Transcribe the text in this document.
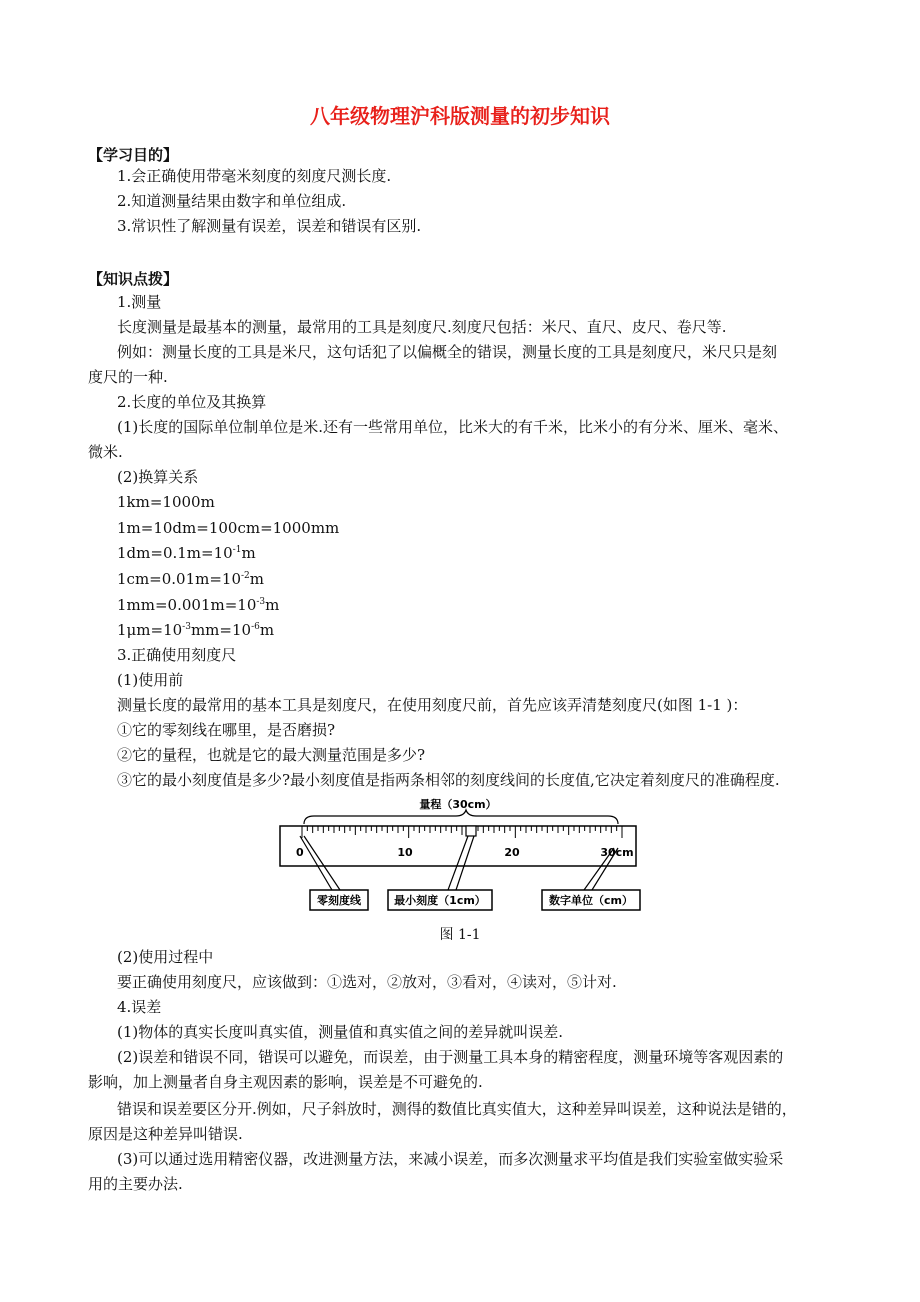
八年级物理沪科版测量的初步知识
【学习目的】
1.会正确使用带毫米刻度的刻度尺测长度.
2.知道测量结果由数字和单位组成.
3.常识性了解测量有误差，误差和错误有区别.
【知识点拨】
1.测量
长度测量是最基本的测量，最常用的工具是刻度尺.刻度尺包括：米尺、直尺、皮尺、卷尺等.
例如：测量长度的工具是米尺，这句话犯了以偏概全的错误，测量长度的工具是刻度尺，米尺只是刻
度尺的一种.
2.长度的单位及其换算
(1)长度的国际单位制单位是米.还有一些常用单位，比米大的有千米，比米小的有分米、厘米、毫米、
微米.
(2)换算关系
1km=1000m
1m=10dm=100cm=1000mm
$1dm=0.1m=10^{-1}m$
$1cm=0.01m=10^{-2}m$
$1mm=0.001m=10^{-3}m$
$1\mu m=10^{-3}mm=10^{-6}m$
3.正确使用刻度尺
(1)使用前
测量长度的最常用的基本工具是刻度尺，在使用刻度尺前，首先应该弄清楚刻度尺(如图 1-1 )：
①它的零刻线在哪里，是否磨损?
②它的量程，也就是它的最大测量范围是多少?
③它的最小刻度值是多少?最小刻度值是指两条相邻的刻度线间的长度值,它决定着刻度尺的准确程度.
量程（30cm）
0	10	20	30cm
零刻度线	最小刻度（1cm）	数字单位（cm）
图 1-1
(2)使用过程中
要正确使用刻度尺，应该做到：①选对，②放对，③看对，④读对，⑤计对.
4.误差
(1)物体的真实长度叫真实值，测量值和真实值之间的差异就叫误差.
(2)误差和错误不同，错误可以避免，而误差，由于测量工具本身的精密程度，测量环境等客观因素的
影响，加上测量者自身主观因素的影响，误差是不可避免的.
错误和误差要区分开.例如，尺子斜放时，测得的数值比真实值大，这种差异叫误差，这种说法是错的，
原因是这种差异叫错误.
(3)可以通过选用精密仪器，改进测量方法，来减小误差，而多次测量求平均值是我们实验室做实验采
用的主要办法.
